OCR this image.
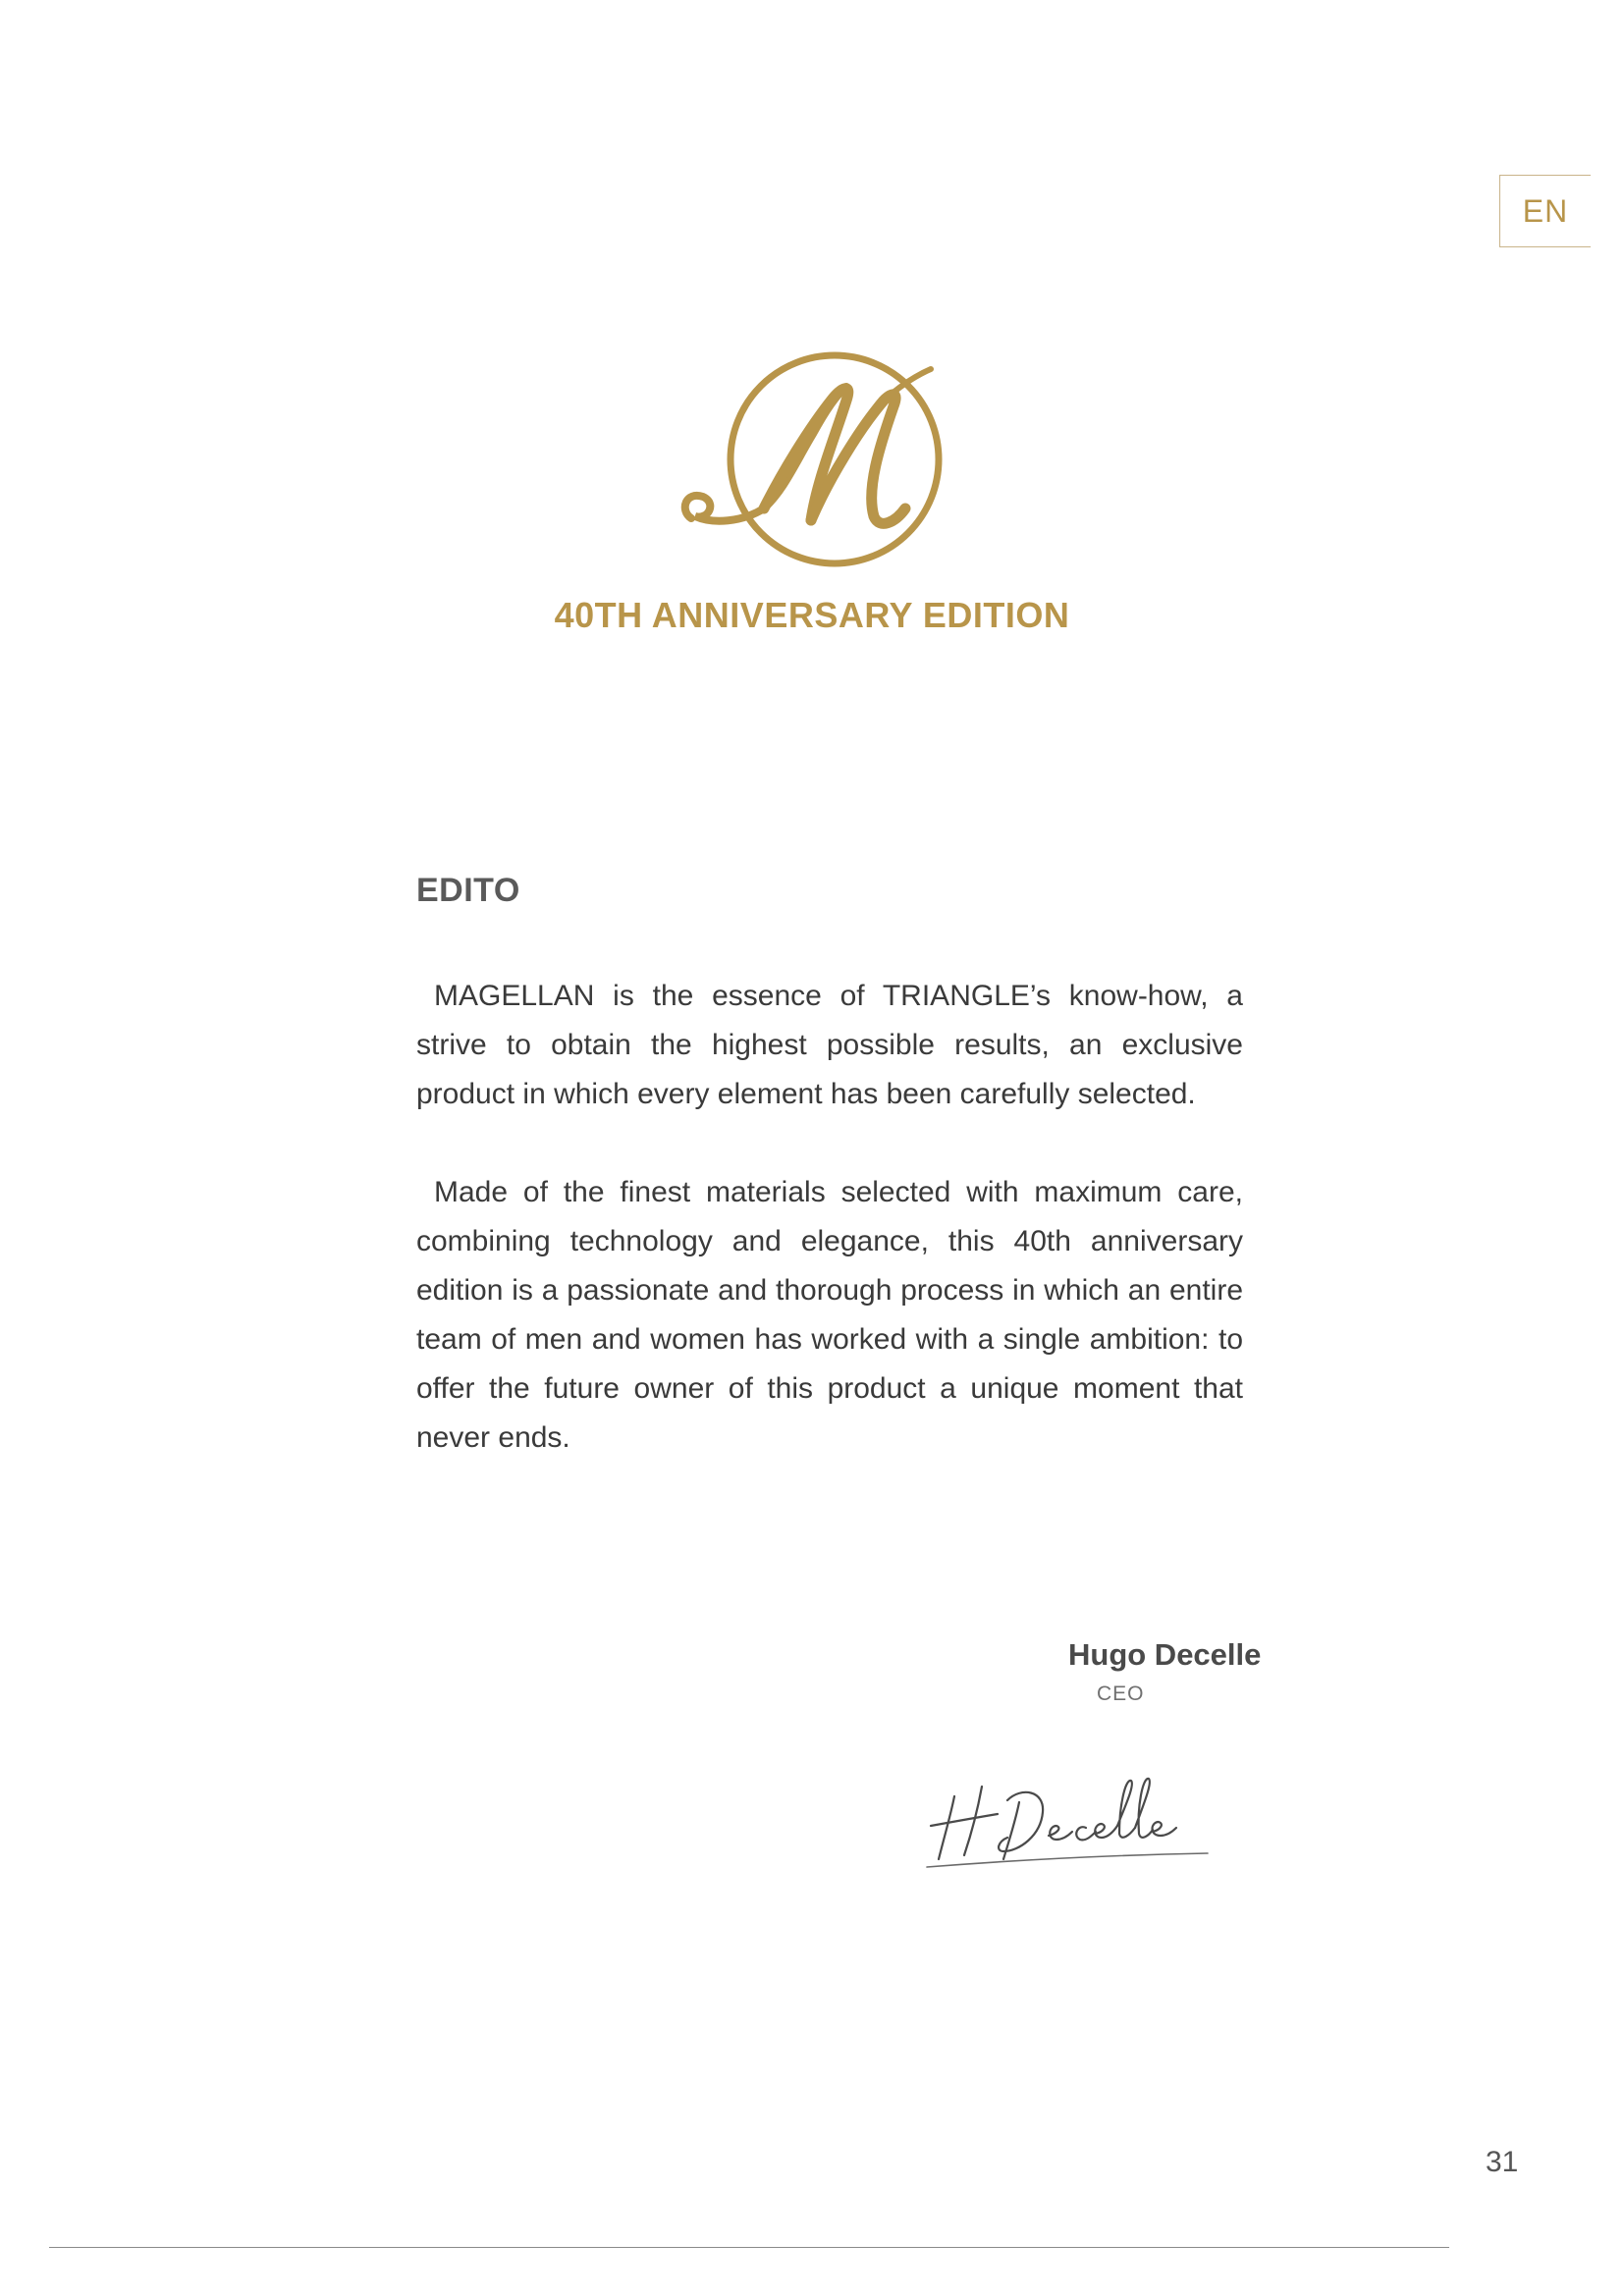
EN
40TH ANNIVERSARY EDITION
EDITO
MAGELLAN is the essence of TRIANGLE’s know-how, a strive to obtain the highest possible results, an exclusive product in which every element has been carefully selected.
Made of the finest materials selected with maximum care, combining technology and elegance, this 40th anniversary edition is a passionate and thorough process in which an entire team of men and women has worked with a single ambition: to offer the future owner of this product a unique moment that never ends.
Hugo Decelle
CEO
31
